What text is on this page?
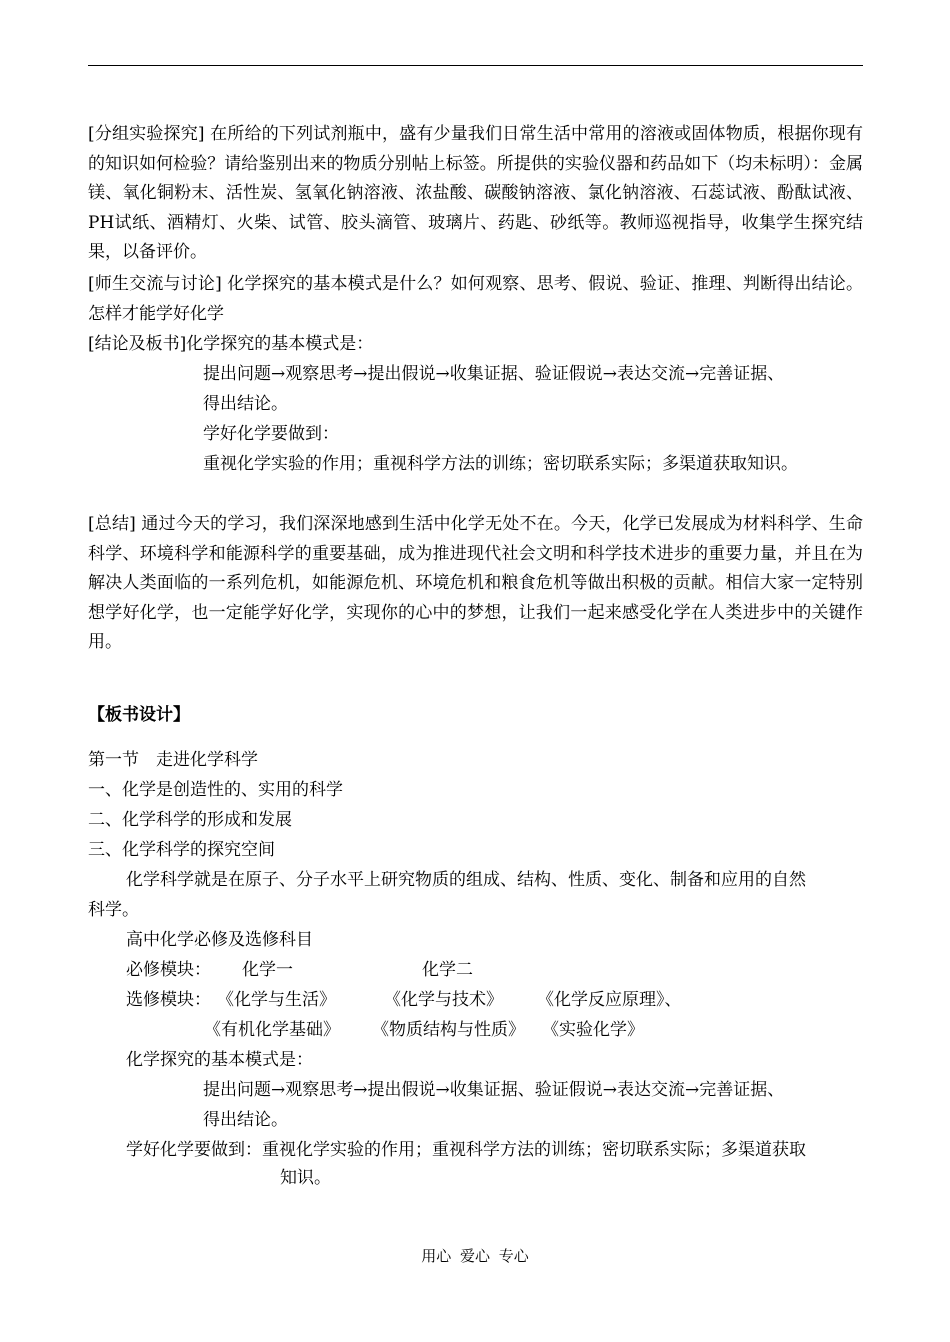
[分组实验探究] 在所给的下列试剂瓶中，盛有少量我们日常生活中常用的溶液或固体物质，根据你现有的知识如何检验？请给鉴别出来的物质分别帖上标签。所提供的实验仪器和药品如下（均未标明）：金属镁、氧化铜粉末、活性炭、氢氧化钠溶液、浓盐酸、碳酸钠溶液、氯化钠溶液、石蕊试液、酚酞试液、PH试纸、酒精灯、火柴、试管、胶头滴管、玻璃片、药匙、砂纸等。教师巡视指导，收集学生探究结果，以备评价。
[师生交流与讨论] 化学探究的基本模式是什么？如何观察、思考、假说、验证、推理、判断得出结论。怎样才能学好化学
[结论及板书]化学探究的基本模式是：
提出问题→观察思考→提出假说→收集证据、验证假说→表达交流→完善证据、
得出结论。
学好化学要做到：
重视化学实验的作用；重视科学方法的训练；密切联系实际；多渠道获取知识。
[总结] 通过今天的学习，我们深深地感到生活中化学无处不在。今天，化学已发展成为材料科学、生命科学、环境科学和能源科学的重要基础，成为推进现代社会文明和科学技术进步的重要力量，并且在为解决人类面临的一系列危机，如能源危机、环境危机和粮食危机等做出积极的贡献。相信大家一定特别想学好化学，也一定能学好化学，实现你的心中的梦想，让我们一起来感受化学在人类进步中的关键作用。
【板书设计】
第一节　走进化学科学
一、化学是创造性的、实用的科学
二、化学科学的形成和发展
三、化学科学的探究空间
化学科学就是在原子、分子水平上研究物质的组成、结构、性质、变化、制备和应用的自然
科学。
高中化学必修及选修科目
必修模块： 化学一	化学二
选修模块： 《化学与生活》	《化学与技术》 《化学反应原理》、
《有机化学基础》 《物质结构与性质》 《实验化学》
化学探究的基本模式是：
提出问题→观察思考→提出假说→收集证据、验证假说→表达交流→完善证据、
得出结论。
学好化学要做到：重视化学实验的作用；重视科学方法的训练；密切联系实际；多渠道获取
知识。
用心 爱心 专心
